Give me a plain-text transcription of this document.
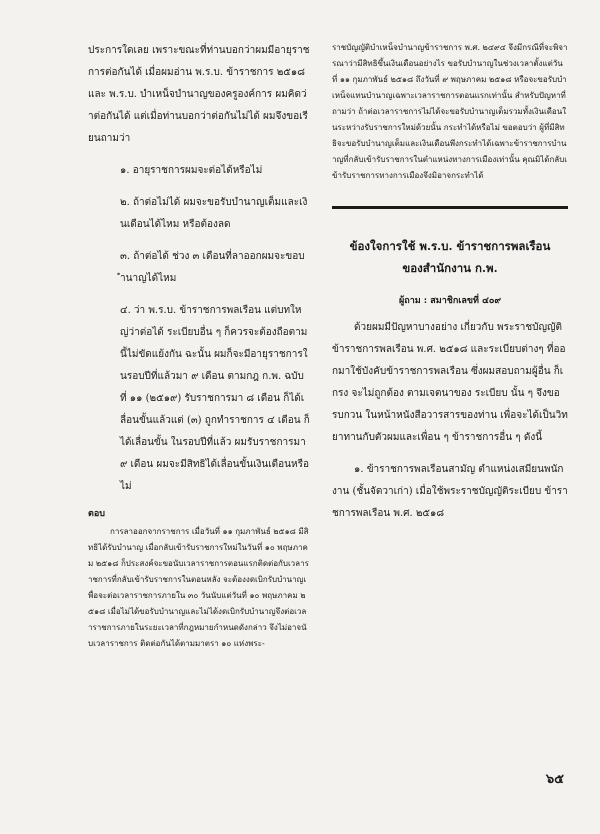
ประการใดเลย เพราะขณะที่ท่านบอกว่าผมมีอายุราชการต่อกันได้ เมื่อผมอ่าน พ.ร.บ. ข้าราชการ ๒๕๑๘ และ พ.ร.บ. บำเหน็จบำนาญของครูองค์การ ผมคิดว่าต่อกันได้ แต่เมื่อท่านบอกว่าต่อกันไม่ได้ ผมจึงขอเรียนถามว่า

๑. อายุราชการผมจะต่อได้หรือไม่

๒. ถ้าต่อไม่ได้ ผมจะขอรับบำนาญเต็มและเงินเดือนได้ไหม หรือต้องลด

๓. ถ้าต่อได้ ช่วง ๓ เดือนที่ลาออกผมจะขอบำนาญได้ไหม

๔. ว่า พ.ร.บ. ข้าราชการพลเรือน แต่บทใหญ่ว่าต่อได้ ระเบียบอื่น ๆ ก็ควรจะต้องถือตามนี้ไม่ขัดแย้งกัน ฉะนั้น ผมก็จะมีอายุราชการในรอบปีที่แล้วมา ๙ เดือน ตามกฎ ก.พ. ฉบับที่ ๑๑ (๒๕๑๙) รับราชการมา ๘ เดือน ก็ได้เลื่อนขั้นแล้วแต่ (๓) ถูกทำราชการ ๔ เดือน ก็ได้เลื่อนขั้น ในรอบปีที่แล้ว ผมรับราชการมา ๙ เดือน ผมจะมีสิทธิได้เลื่อนขั้นเงินเดือนหรือไม่

ตอบ

การลาออกจากราชการ เมื่อวันที่ ๑๑ กุมภาพันธ์ ๒๕๑๘ มีสิทธิได้รับบำนาญ เมื่อกลับเข้ารับราชการใหม่ในวันที่ ๑๐ พฤษภาคม ๒๕๑๘ ก็ประสงค์จะขอนับเวลาราชการตอนแรกติดต่อกับเวลาราชการที่กลับเข้ารับราชการในตอนหลัง จะต้องงดเบิกรับบำนาญเพื่อจะต่อเวลาราชการภายใน ๓๐ วันนับแต่วันที่ ๑๐ พฤษภาคม ๒๕๑๘ เมื่อไม่ได้ขอรับบำนาญและไม่ได้งดเบิกรับบำนาญจึงต่อเวลาราชการภายในระยะเวลาที่กฎหมายกำหนดดังกล่าว จึงไม่อาจนับเวลาราชการ ติดต่อกันได้ตามมาตรา ๑๐ แห่งพระ-

ราชบัญญัติบำเหน็จบำนาญข้าราชการ พ.ศ. ๒๔๙๔ จึงมีกรณีที่จะพิจารณาว่ามีสิทธิขึ้นเงินเดือนอย่างไร ขอรับบำนาญในช่วงเวลาตั้งแต่วันที่ ๑๑ กุมภาพันธ์ ๒๕๑๘ ถึงวันที่ ๙ พฤษภาคม ๒๕๑๘ หรือจะขอรับบำเหน็จแทนบำนาญเฉพาะเวลาราชการตอนแรกเท่านั้น สำหรับปัญหาที่ถามว่า ถ้าต่อเวลาราชการไม่ได้จะขอรับบำนาญเต็มรวมทั้งเงินเดือนในระหว่างรับราชการใหม่ด้วยนั้น กระทำได้หรือไม่ ขอตอบว่า ผู้ที่มีสิทธิจะขอรับบำนาญเต็มและเงินเดือนพึงกระทำได้เฉพาะข้าราชการบำนาญที่กลับเข้ารับราชการในตำแหน่งทางการเมืองเท่านั้น คุณมิได้กลับเข้ารับราชการทางการเมืองจึงมิอาจกระทำได้

ข้องใจการใช้ พ.ร.บ. ข้าราชการพลเรือน

ของสำนักงาน ก.พ.

ผู้ถาม : สมาชิกเลขที่ ๔๐๙

ด้วยผมมีปัญหาบางอย่าง เกี่ยวกับ พระราชบัญญัติข้าราชการพลเรือน พ.ศ. ๒๕๑๘ และระเบียบต่างๆ ที่ออกมาใช้บังคับข้าราชการพลเรือน ซึ่งผมสอบถามผู้อื่น ก็เกรง จะไม่ถูกต้อง ตามเจตนาของ ระเบียบ นั้น ๆ จึงขอ รบกวน ในหน้าหนังสือวารสารของท่าน เพื่อจะได้เป็นวิทยาทานกับตัวผมและเพื่อน ๆ ข้าราชการอื่น ๆ ดังนี้

๑. ข้าราชการพลเรือนสามัญ ตำแหน่งเสมียนพนักงาน (ชั้นจัตวาเก่า) เมื่อใช้พระราชบัญญัติระเบียบ ข้าราชการพลเรือน พ.ศ. ๒๕๑๘

๖๕
